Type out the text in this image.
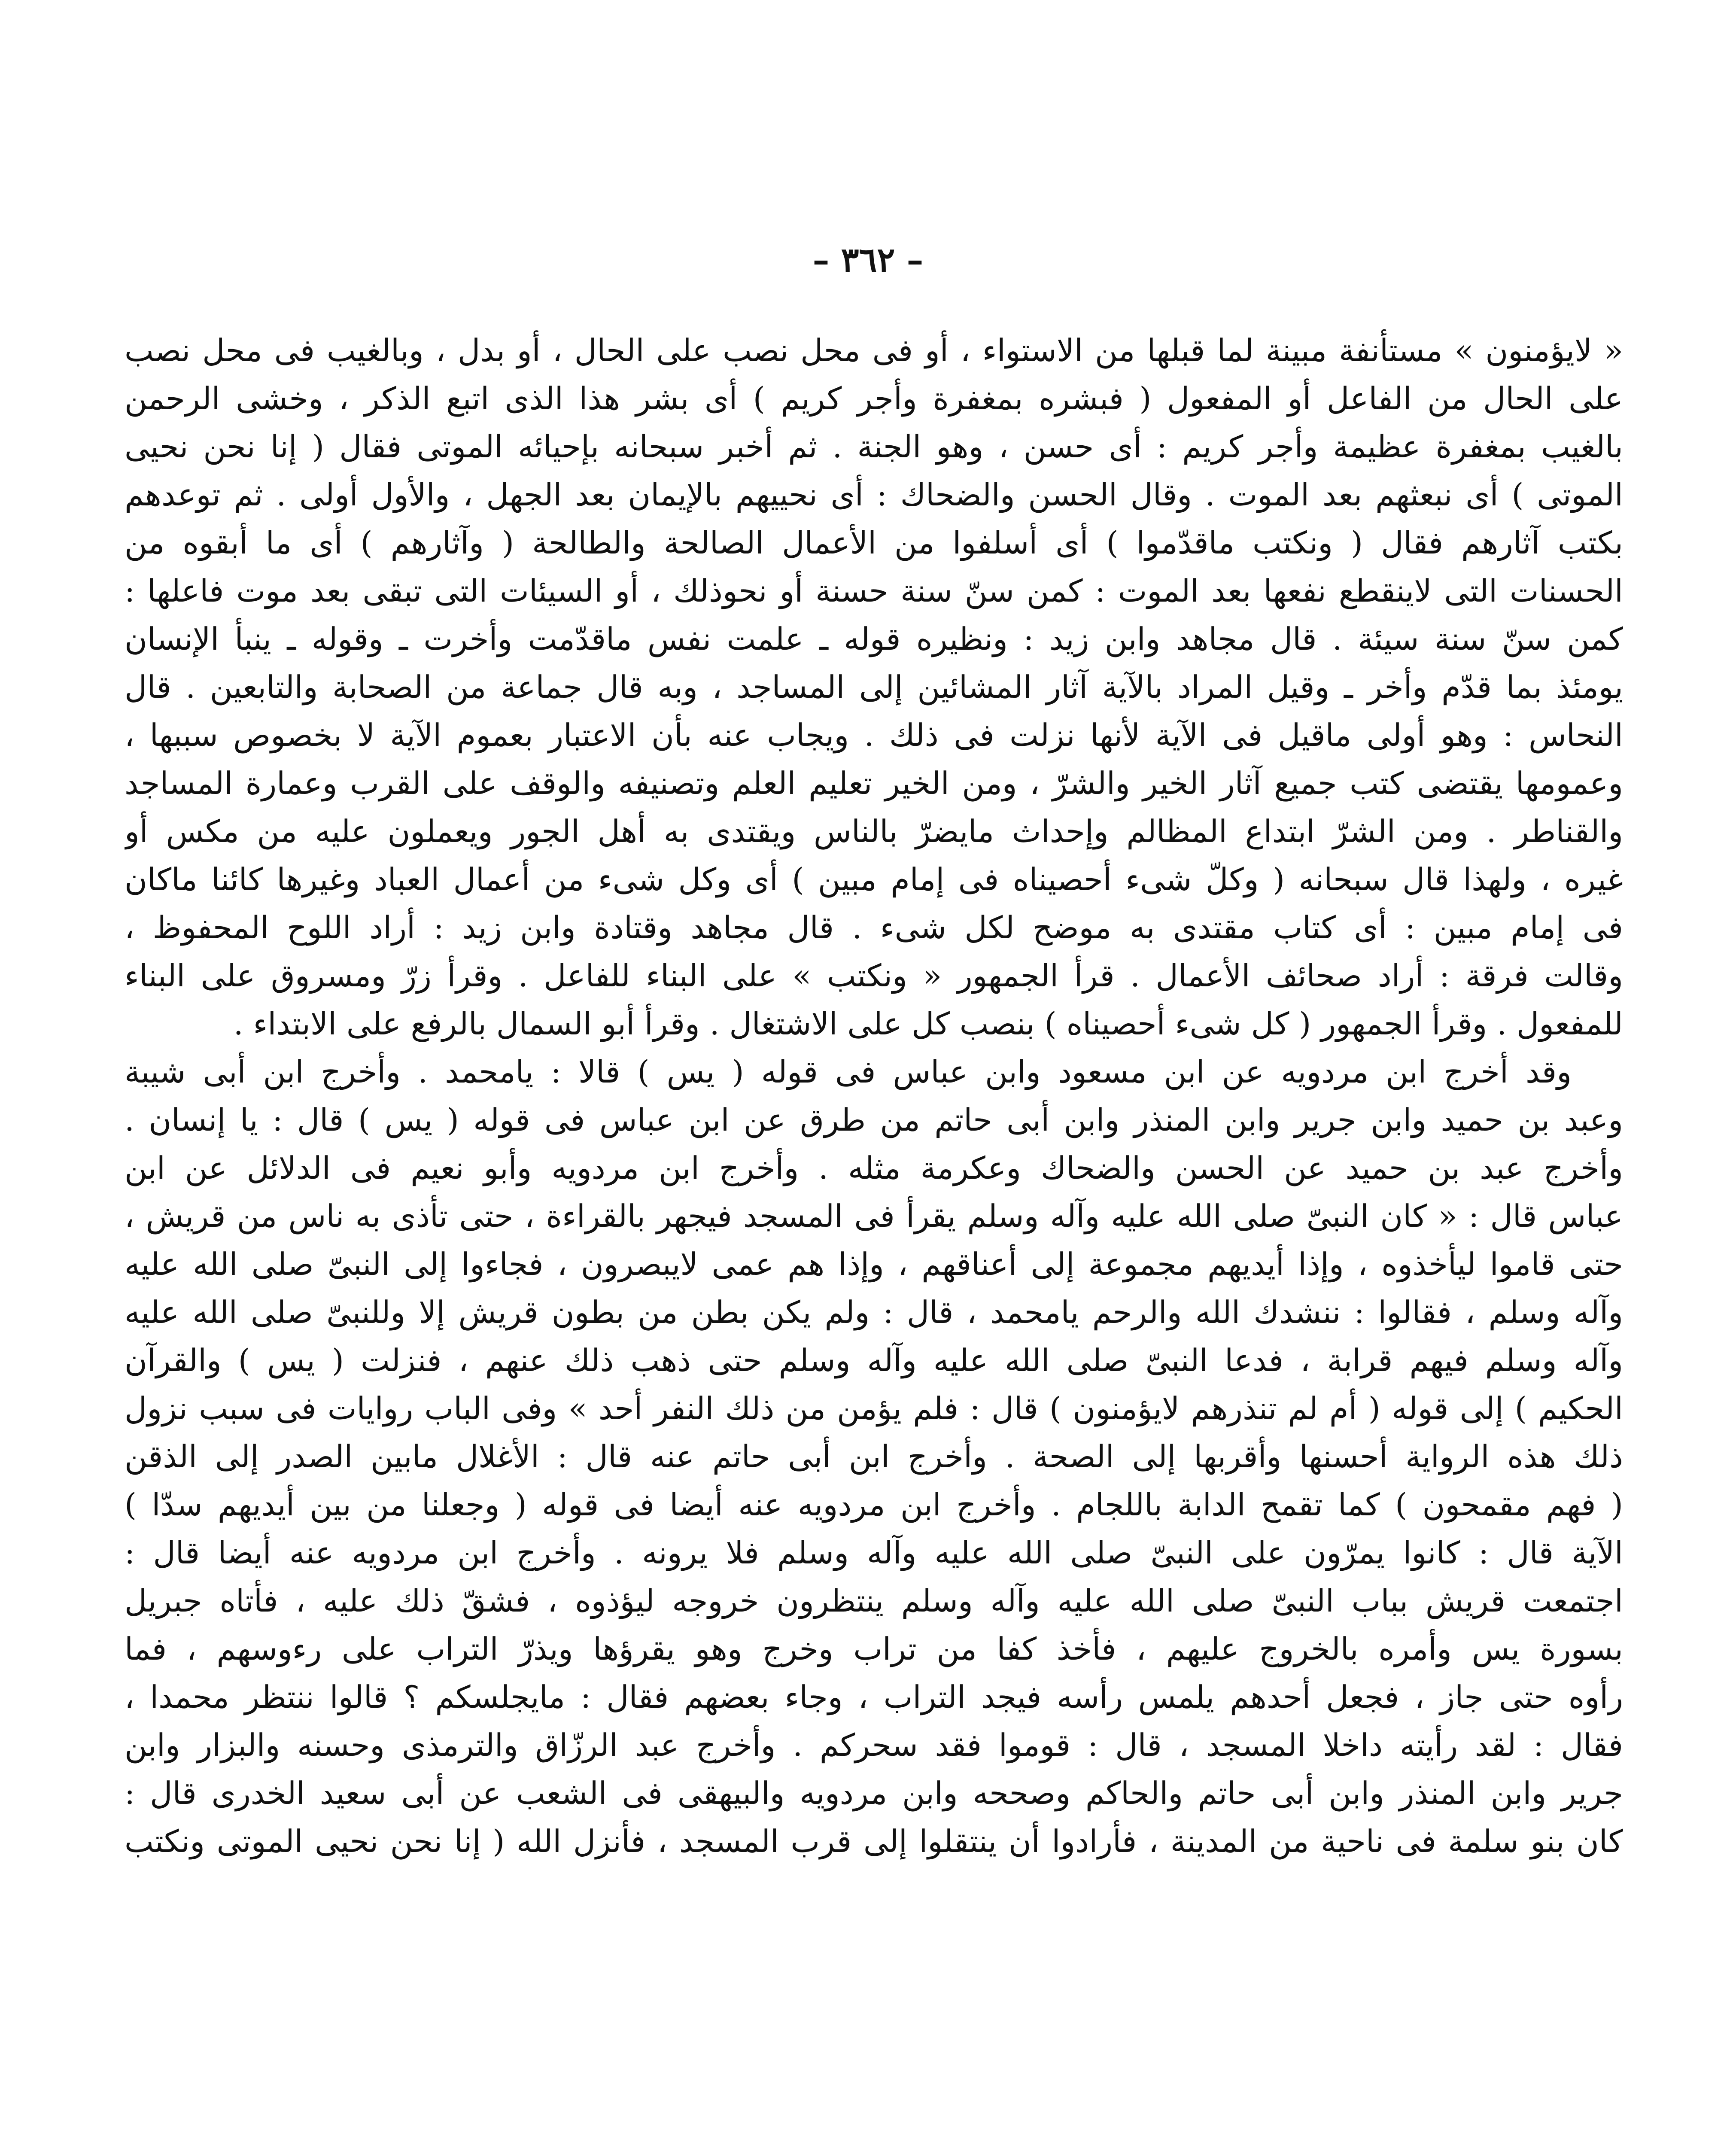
– ٣٦٢ –
« لايؤمنون » مستأنفة مبينة لما قبلها من الاستواء ، أو فى محل نصب على الحال ، أو بدل ، وبالغيب فى محل نصب
على الحال من الفاعل أو المفعول ( فبشره بمغفرة وأجر كريم ) أى بشر هذا الذى اتبع الذكر ، وخشى الرحمن
بالغيب بمغفرة عظيمة وأجر كريم : أى حسن ، وهو الجنة . ثم أخبر سبحانه بإحيائه الموتى فقال ( إنا نحن نحيى
الموتى ) أى نبعثهم بعد الموت . وقال الحسن والضحاك : أى نحييهم بالإيمان بعد الجهل ، والأول أولى . ثم توعدهم
بكتب آثارهم فقال ( ونكتب ماقدّموا ) أى أسلفوا من الأعمال الصالحة والطالحة ( وآثارهم ) أى ما أبقوه من
الحسنات التى لاينقطع نفعها بعد الموت : كمن سنّ سنة حسنة أو نحوذلك ، أو السيئات التى تبقى بعد موت فاعلها :
كمن سنّ سنة سيئة . قال مجاهد وابن زيد : ونظيره قوله ـ علمت نفس ماقدّمت وأخرت ـ وقوله ـ ينبأ الإنسان
يومئذ بما قدّم وأخر ـ وقيل المراد بالآية آثار المشائين إلى المساجد ، وبه قال جماعة من الصحابة والتابعين . قال
النحاس : وهو أولى ماقيل فى الآية لأنها نزلت فى ذلك . ويجاب عنه بأن الاعتبار بعموم الآية لا بخصوص سببها ،
وعمومها يقتضى كتب جميع آثار الخير والشرّ ، ومن الخير تعليم العلم وتصنيفه والوقف على القرب وعمارة المساجد
والقناطر . ومن الشرّ ابتداع المظالم وإحداث مايضرّ بالناس ويقتدى به أهل الجور ويعملون عليه من مكس أو
غيره ، ولهذا قال سبحانه ( وكلّ شىء أحصيناه فى إمام مبين ) أى وكل شىء من أعمال العباد وغيرها كائنا ماكان
فى إمام مبين : أى كتاب مقتدى به موضح لكل شىء . قال مجاهد وقتادة وابن زيد : أراد اللوح المحفوظ ،
وقالت فرقة : أراد صحائف الأعمال . قرأ الجمهور « ونكتب » على البناء للفاعل . وقرأ زرّ ومسروق على البناء
للمفعول . وقرأ الجمهور ( كل شىء أحصيناه ) بنصب كل على الاشتغال . وقرأ أبو السمال بالرفع على الابتداء .
وقد أخرج ابن مردويه عن ابن مسعود وابن عباس فى قوله ( يس ) قالا : يامحمد . وأخرج ابن أبى شيبة
وعبد بن حميد وابن جرير وابن المنذر وابن أبى حاتم من طرق عن ابن عباس فى قوله ( يس ) قال : يا إنسان .
وأخرج عبد بن حميد عن الحسن والضحاك وعكرمة مثله . وأخرج ابن مردويه وأبو نعيم فى الدلائل عن ابن
عباس قال : « كان النبىّ صلى الله عليه وآله وسلم يقرأ فى المسجد فيجهر بالقراءة ، حتى تأذى به ناس من قريش ،
حتى قاموا ليأخذوه ، وإذا أيديهم مجموعة إلى أعناقهم ، وإذا هم عمى لايبصرون ، فجاءوا إلى النبىّ صلى الله عليه
وآله وسلم ، فقالوا : ننشدك الله والرحم يامحمد ، قال : ولم يكن بطن من بطون قريش إلا وللنبىّ صلى الله عليه
وآله وسلم فيهم قرابة ، فدعا النبىّ صلى الله عليه وآله وسلم حتى ذهب ذلك عنهم ، فنزلت ( يس ) والقرآن
الحكيم ) إلى قوله ( أم لم تنذرهم لايؤمنون ) قال : فلم يؤمن من ذلك النفر أحد » وفى الباب روايات فى سبب نزول
ذلك هذه الرواية أحسنها وأقربها إلى الصحة . وأخرج ابن أبى حاتم عنه قال : الأغلال مابين الصدر إلى الذقن
( فهم مقمحون ) كما تقمح الدابة باللجام . وأخرج ابن مردويه عنه أيضا فى قوله ( وجعلنا من بين أيديهم سدّا )
الآية قال : كانوا يمرّون على النبىّ صلى الله عليه وآله وسلم فلا يرونه . وأخرج ابن مردويه عنه أيضا قال :
اجتمعت قريش بباب النبىّ صلى الله عليه وآله وسلم ينتظرون خروجه ليؤذوه ، فشقّ ذلك عليه ، فأتاه جبريل
بسورة يس وأمره بالخروج عليهم ، فأخذ كفا من تراب وخرج وهو يقرؤها ويذرّ التراب على رءوسهم ، فما
رأوه حتى جاز ، فجعل أحدهم يلمس رأسه فيجد التراب ، وجاء بعضهم فقال : مايجلسكم ؟ قالوا ننتظر محمدا ،
فقال : لقد رأيته داخلا المسجد ، قال : قوموا فقد سحركم . وأخرج عبد الرزّاق والترمذى وحسنه والبزار وابن
جرير وابن المنذر وابن أبى حاتم والحاكم وصححه وابن مردويه والبيهقى فى الشعب عن أبى سعيد الخدرى قال :
كان بنو سلمة فى ناحية من المدينة ، فأرادوا أن ينتقلوا إلى قرب المسجد ، فأنزل الله ( إنا نحن نحيى الموتى ونكتب
